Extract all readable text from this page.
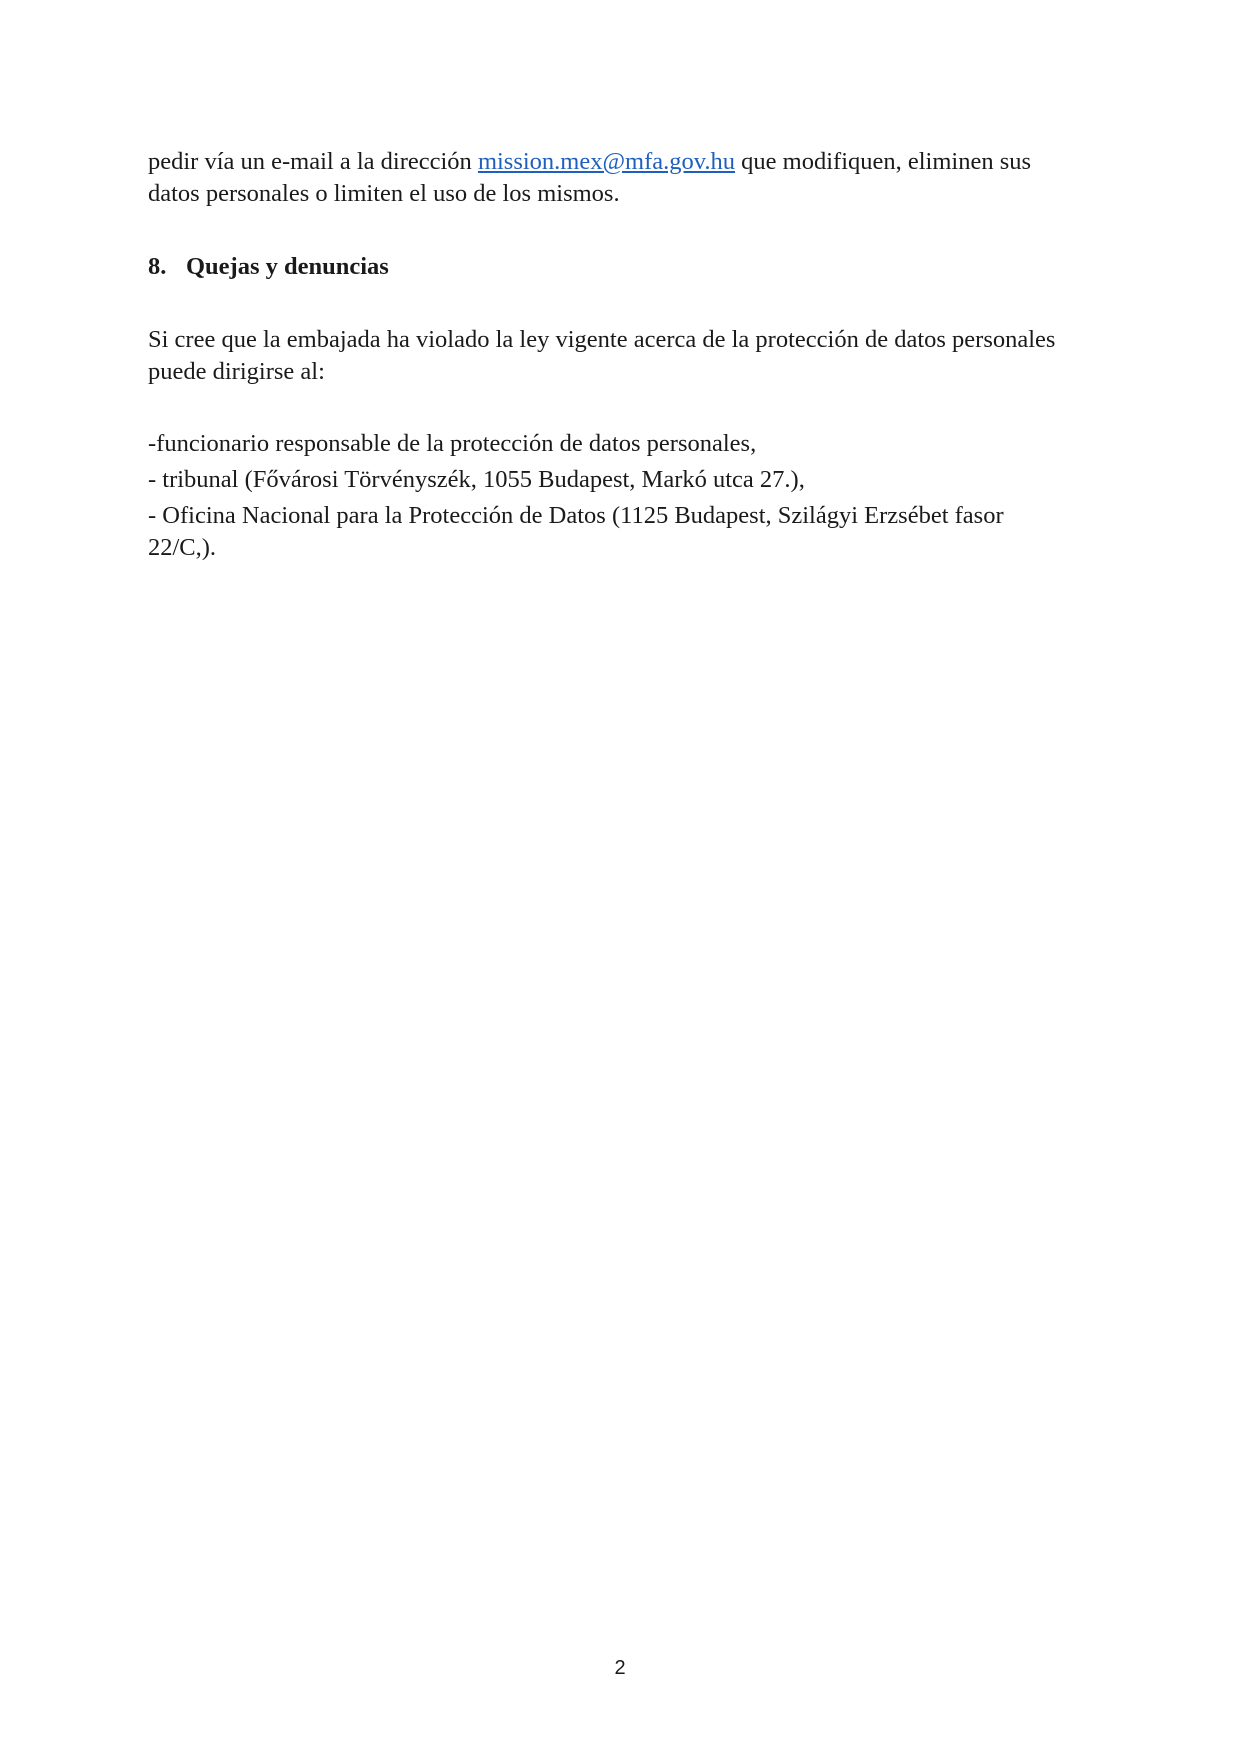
pedir vía un e-mail a la dirección mission.mex@mfa.gov.hu que modifiquen, eliminen sus
datos personales o limiten el uso de los mismos.
8. Quejas y denuncias
Si cree que la embajada ha violado la ley vigente acerca de la protección de datos personales
puede dirigirse al:
-funcionario responsable de la protección de datos personales,
- tribunal (Fővárosi Törvényszék, 1055 Budapest, Markó utca 27.),
- Oficina Nacional para la Protección de Datos (1125 Budapest, Szilágyi Erzsébet fasor
22/C,).
2
